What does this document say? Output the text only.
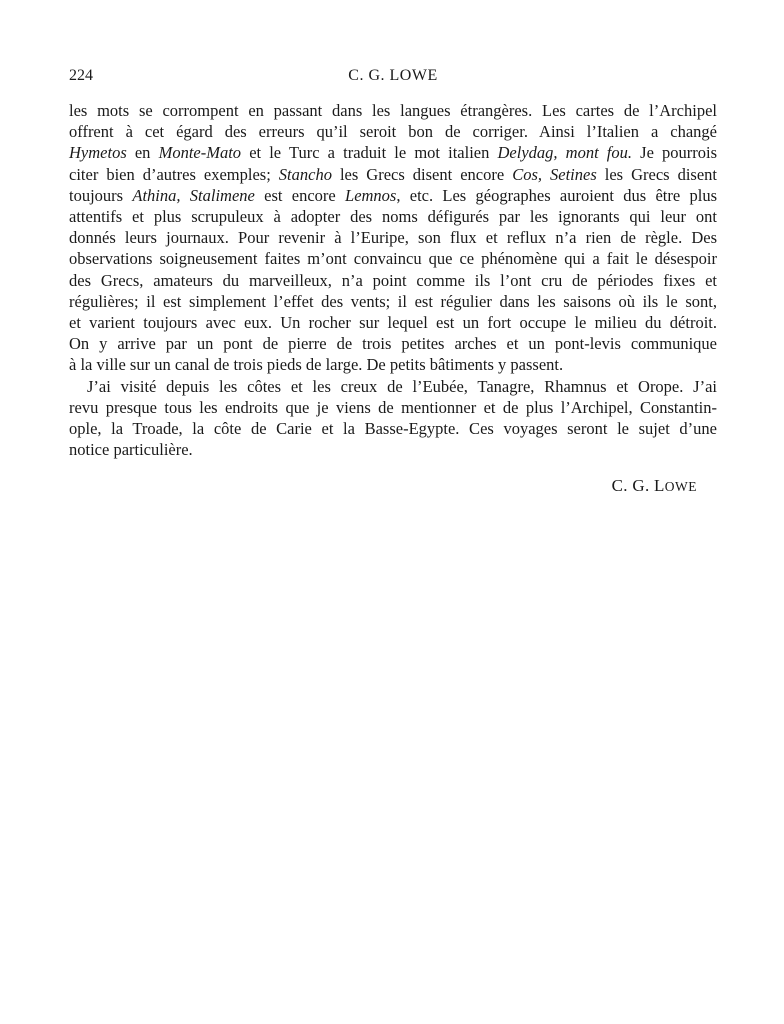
224	C. G. LOWE
les mots se corrompent en passant dans les langues étrangères. Les cartes de l’Archipel
offrent à cet égard des erreurs qu’il seroit bon de corriger. Ainsi l’Italien a changé
Hymetos en Monte-Mato et le Turc a traduit le mot italien Delydag, mont fou. Je pourrois
citer bien d’autres exemples; Stancho les Grecs disent encore Cos, Setines les Grecs disent
toujours Athina, Stalimene est encore Lemnos, etc. Les géographes auroient dus être plus
attentifs et plus scrupuleux à adopter des noms défigurés par les ignorants qui leur ont
donnés leurs journaux. Pour revenir à l’Euripe, son flux et reflux n’a rien de règle. Des
observations soigneusement faites m’ont convaincu que ce phénomène qui a fait le désespoir
des Grecs, amateurs du marveilleux, n’a point comme ils l’ont cru de périodes fixes et
régulières; il est simplement l’effet des vents; il est régulier dans les saisons où ils le sont,
et varient toujours avec eux. Un rocher sur lequel est un fort occupe le milieu du détroit.
On y arrive par un pont de pierre de trois petites arches et un pont-levis communique
à la ville sur un canal de trois pieds de large. De petits bâtiments y passent.
J’ai visité depuis les côtes et les creux de l’Eubée, Tanagre, Rhamnus et Orope. J’ai
revu presque tous les endroits que je viens de mentionner et de plus l’Archipel, Constantin-
ople, la Troade, la côte de Carie et la Basse-Egypte. Ces voyages seront le sujet d’une
notice particulière.
C. G. LOWE
